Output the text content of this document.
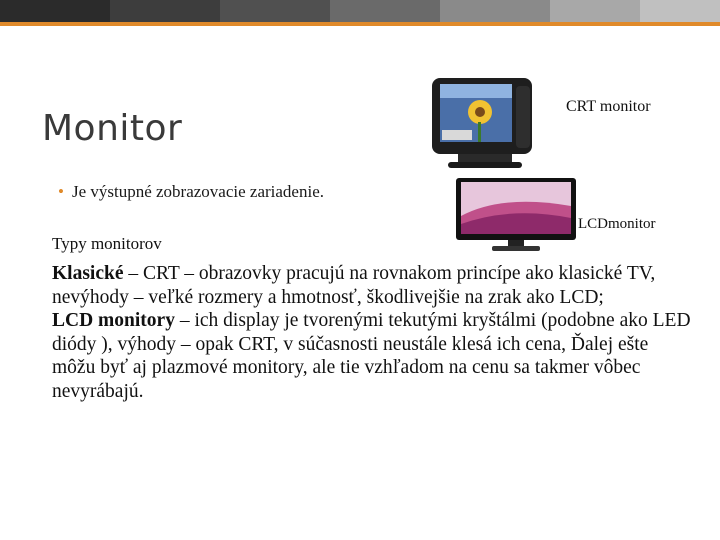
Monitor
• Je výstupné zobrazovacie zariadenie.
CRT monitor
LCDmonitor
Typy monitorov

Klasické – CRT – obrazovky pracujú na rovnakom princípe ako klasické TV, nevýhody – veľké rozmery a hmotnosť, škodlivejšie na zrak ako LCD;

LCD monitory – ich display je tvorenými tekutými kryštálmi (podobne ako LED diódy ), výhody – opak CRT, v súčasnosti neustále klesá ich cena, Ďalej ešte môžu byť aj plazmové monitory, ale tie vzhľadom na cenu sa takmer vôbec nevyrábajú.
